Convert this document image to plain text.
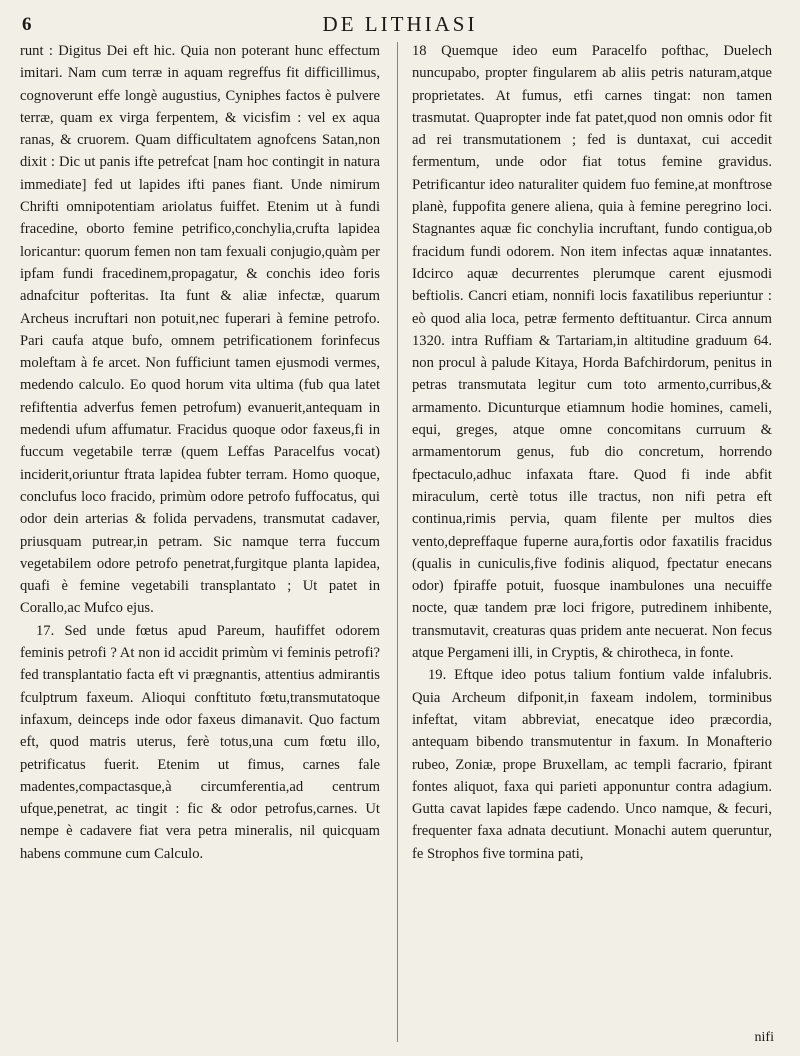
6	DE LITHIASI

runt : Digitus Dei eft hic. Quia non poterant hunc effectum imitari. Nam cum terræ in aquam regreffus fit difficillimus, cognoverunt effe longè augustius, Cyniphes factos è pulvere terræ, quam ex virga ferpentem, & vicisfim : vel ex aqua ranas, & cruorem. Quam difficultatem agnofcens Satan,non dixit : Dic ut panis ifte petrefcat [nam hoc contingit in natura immediate] fed ut lapides ifti panes fiant. Unde nimirum Chrifti omnipotentiam ariolatus fuiffet. Etenim ut à fundi fracedine, oborto feminе petrifico,conchylia,crufta lapidea loricantur: quorum femen non tam fexuali conjugio,quàm per ipfam fundi fracedinem,propagatur, & conchis ideo foris adnafcitur pofteritas. Ita funt & aliæ infectæ, quarum Archeus incruftari non potuit,nec fuperari à femine petrofo. Pari caufa atque bufo, omnem petrificationem forinfecus moleftam à fe arcet. Non fufficiunt tamen ejusmodi vermes, medendo calculo. Eo quod horum vita ultima (fub qua latet refiftentia adverfus femen petrofum) evanuerit,antequam in medendi ufum affumatur. Fracidus quoque odor faxeus,fi in fuccum vegetabile terræ (quem Leffas Paracelfus vocat) inciderit,oriuntur ftrata lapidea fubter terram. Homo quoque, conclufus loco fracido, primùm odore petrofo fuffocatus, qui odor dein arterias & folida pervadens, transmutat cadaver, priusquam putrear,in petram. Sic namque terra fuccum vegetabilem odore petrofo penetrat,furgitque planta lapidea, quafi è femine vegetabili transplantato ; Ut patet in Corallo,ac Mufco ejus.

17. Sed unde fœtus apud Pareum, haufiffet odorem feminis petrofi ? At non id accidit primùm vi feminis petrofi? fed transplantatio facta eft vi prægnantis, attentius admirantis fculptrum faxeum. Alioqui conftituto fœtu,transmutatoque infaxum, deinceps inde odor faxeus dimanavit. Quo factum eft, quod matris uterus, ferè totus,una cum fœtu illo, petrificatus fuerit. Etenim ut fimus, carnes fale madentes,compactasque,à circumferentia,ad centrum ufque,penetrat, ac tingit : fic & odor petrofus,carnes. Ut nempe è cadavere fiat vera petra mineralis, nil quicquam habens commune cum Calculo.

18 Quemque ideo eum Paracelfo pofthac, Duelech nuncupabo, propter fingularem ab aliis petris naturam,atque proprietates. At fumus, etfi carnes tingat: non tamen trasmutat. Quapropter inde fat patet,quod non omnis odor fit ad rei transmutationem ; fed is duntaxat, cui accedit fermentum, unde odor fiat totus feminе gravidus. Petrificantur ideo naturaliter quidem fuo femine,at monftrose planè, fuppofita genere aliena, quia à femine peregrino loci. Stagnantes aquæ fic conchylia incruftant, fundo contigua,ob fracidum fundi odorem. Non item infectas aquæ innatantes. Idcirco aquæ decurrentes plerumque carent ejusmodi beftiolis. Cancri etiam, nonnifi locis faxatilibus reperiuntur : eò quod alia loca, petræ fermento deftituantur. Circa annum 1320. intra Ruffiam & Tartariam,in altitudine graduum 64. non procul à palude Kitaya, Horda Bafchirdorum, penitus in petras transmutata legitur cum toto armento,curribus,& armamento. Dicunturque etiamnum hodie homines, cameli, equi, greges, atque omne concomitans curruum & armamentorum genus, fub dio concretum, horrendo fpectaculo,adhuc infaxata ftare. Quod fi inde abfit miraculum, certè totus ille tractus, non nifi petra eft continua,rimis pervia, quam filente per multos dies vento,depreffaque fuperne aura,fortis odor faxatilis fracidus (qualis in cuniculis,five fodinis aliquod, fpectatur enecans odor) fpiraffe potuit, fuosque inambulones una necuiffe nocte, quæ tandem præ loci frigore, putredinem inhibente, transmutavit, creaturas quas pridem ante necuerat. Non fecus atque Pergameni illi, in Cryptis, & chirotheca, in fonte.

19. Eftque ideo potus talium fontium valde infalubris. Quia Archeum difponit,in faxeam indolem, torminibus infeftat, vitam abbreviat, enecatque ideo præcordia, antequam bibendo transmutentur in faxum. In Monafterio rubeo, Zoniæ, prope Bruxellam, ac templi facrario, fpirant fontes aliquot, faxa qui parieti apponuntur contra adagium. Gutta cavat lapides fæpe cadendo. Unco namque, & fecuri, frequenter faxa adnata decutiunt. Monachi autem queruntur, fe Strophos five tormina pati,

nifi
